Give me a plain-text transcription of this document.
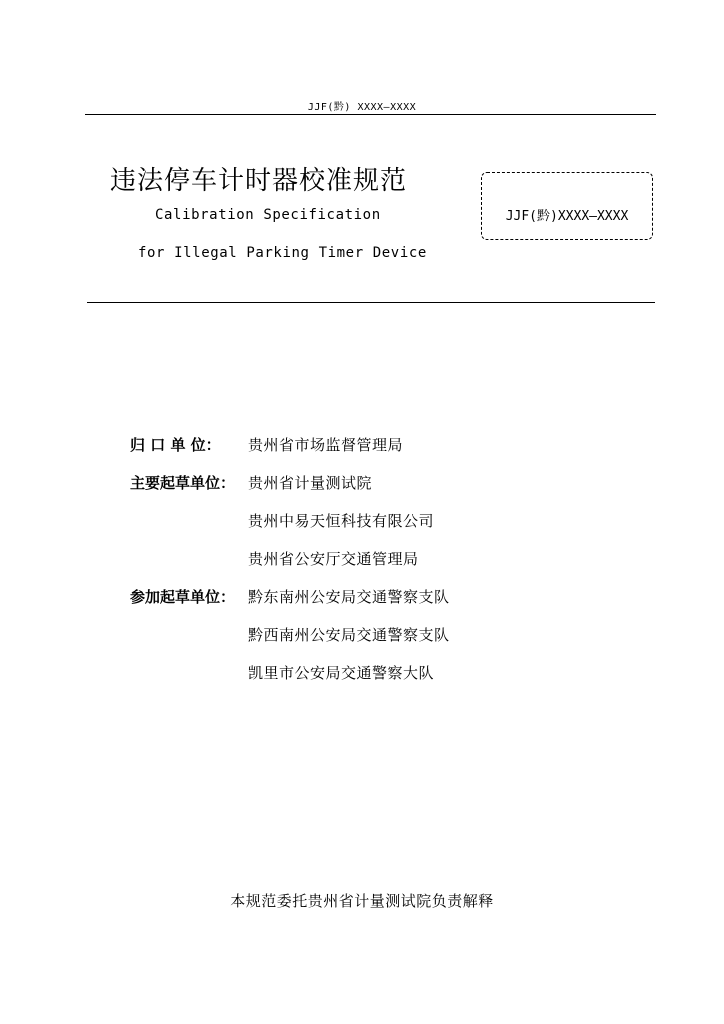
JJF(黔) XXXX—XXXX
违法停车计时器校准规范
Calibration Specification
for Illegal Parking Timer Device
JJF(黔)XXXX—XXXX
归 口 单 位：	贵州省市场监督管理局
主要起草单位： 贵州省计量测试院
贵州中易天恒科技有限公司
贵州省公安厅交通管理局
参加起草单位： 黔东南州公安局交通警察支队
黔西南州公安局交通警察支队
凯里市公安局交通警察大队
本规范委托贵州省计量测试院负责解释
